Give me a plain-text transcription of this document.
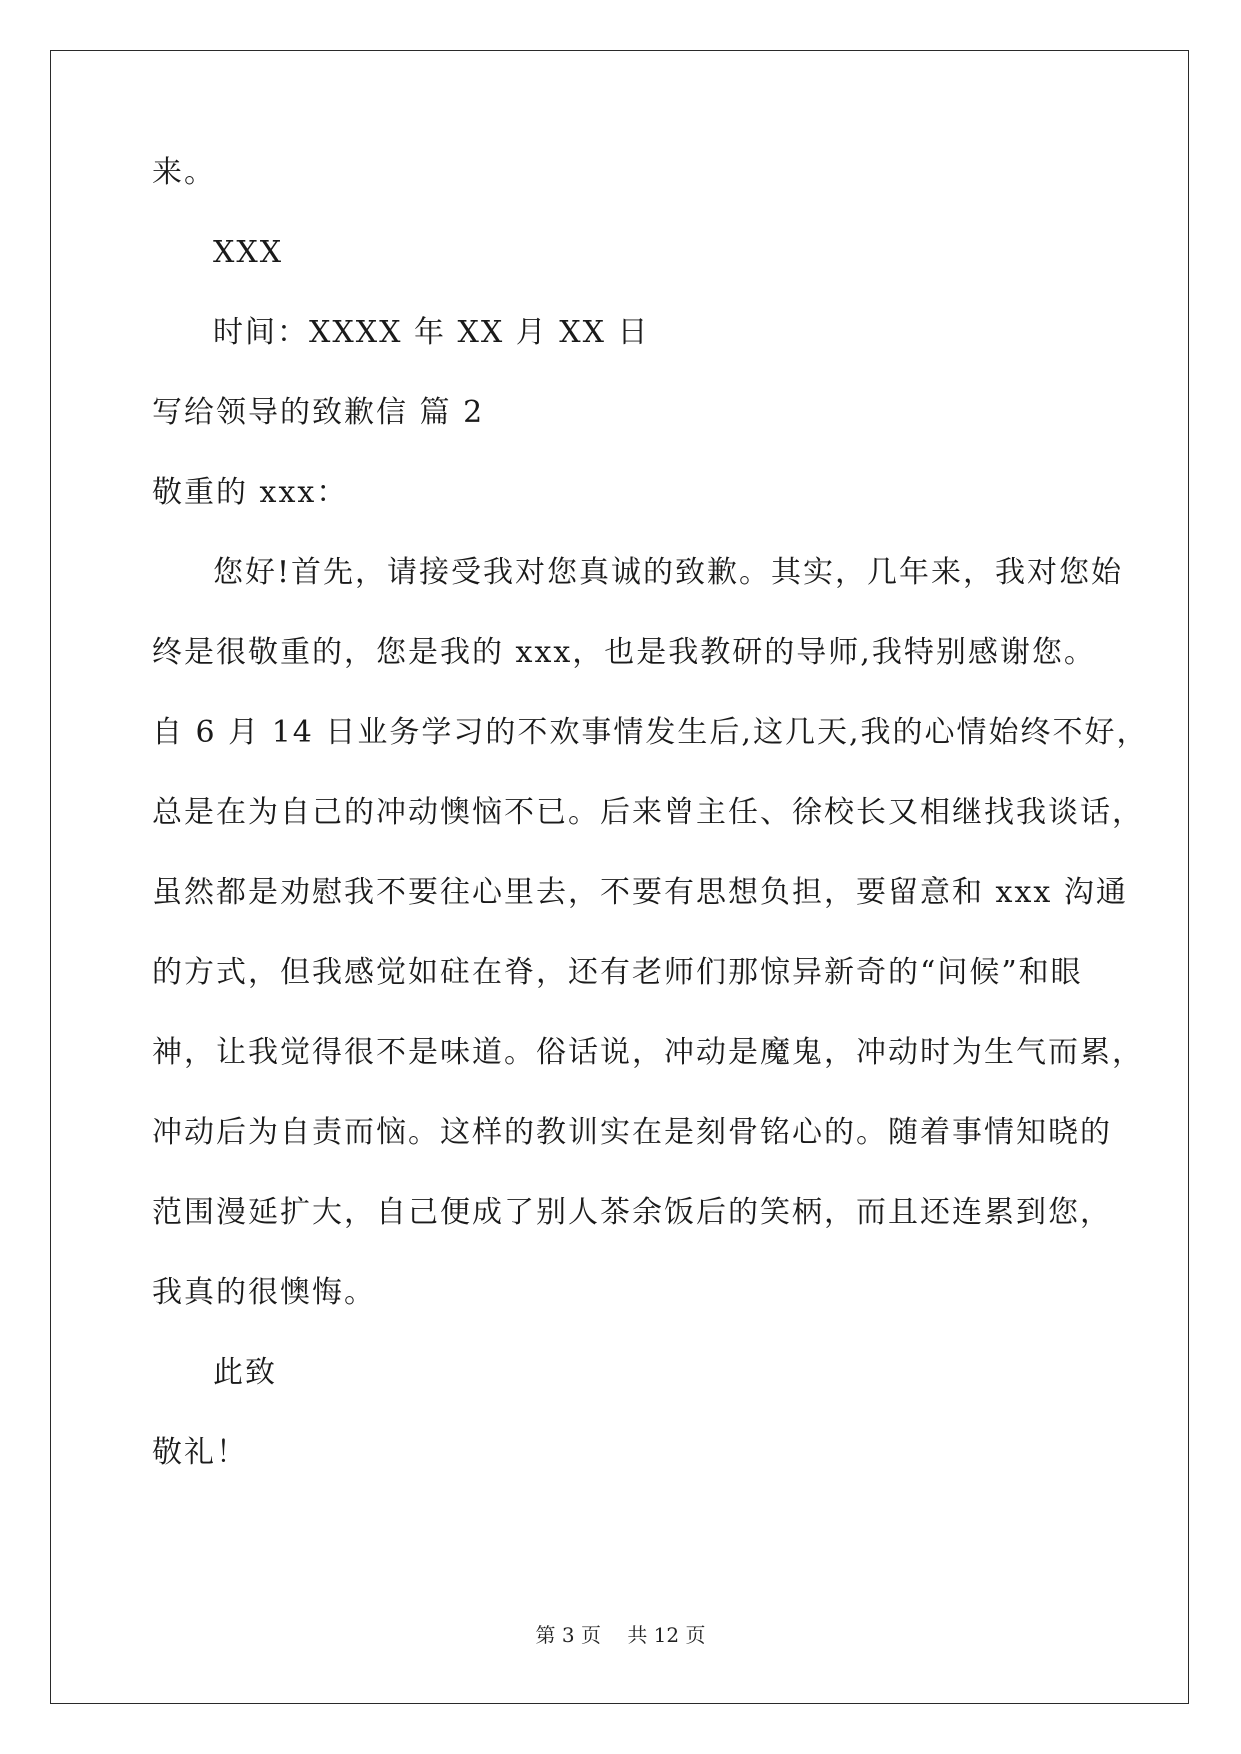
来。
XXX
时间：XXXX 年 XX 月 XX 日
写给领导的致歉信 篇 2
敬重的 xxx：
您好!首先，请接受我对您真诚的致歉。其实，几年来，我对您始
终是很敬重的，您是我的 xxx，也是我教研的导师,我特别感谢您。
自 6 月 14 日业务学习的不欢事情发生后,这几天,我的心情始终不好，
总是在为自己的冲动懊恼不已。后来曾主任、徐校长又相继找我谈话，
虽然都是劝慰我不要往心里去，不要有思想负担，要留意和 xxx 沟通
的方式，但我感觉如砫在脊，还有老师们那惊异新奇的“问候”和眼
神，让我觉得很不是味道。俗话说，冲动是魔鬼，冲动时为生气而累，
冲动后为自责而恼。这样的教训实在是刻骨铭心的。随着事情知晓的
范围漫延扩大，自己便成了别人茶余饭后的笑柄，而且还连累到您，
我真的很懊悔。
此致
敬礼！
第 3 页 共 12 页
